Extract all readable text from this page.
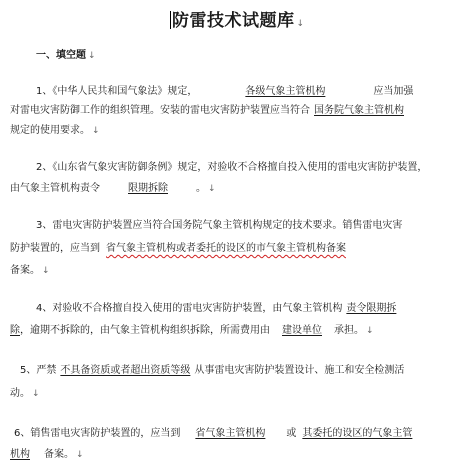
防雷技术试题库 ↓
一、填空题 ↓
1、《中华人民共和国气象法》规定，	各级气象主管机构	应当加强
对雷电灾害防御工作的组织管理。安装的雷电灾害防护装置应当符合 国务院气象主管机构
规定的使用要求。 ↓
2、《山东省气象灾害防御条例》规定，对验收不合格擅自投入使用的雷电灾害防护装置，
由气象主管机构责令	限期拆除	。 ↓
3、雷电灾害防护装置应当符合国务院气象主管机构规定的技术要求。销售雷电灾害
防护装置的，应当到 省气象主管机构或者委托的设区的市气象主管机构备案
备案。 ↓
4、对验收不合格擅自投入使用的雷电灾害防护装置，由气象主管机构 责令限期拆
除，逾期不拆除的，由气象主管机构组织拆除，所需费用由 建设单位 承担。 ↓
5、严禁 不具备资质或者超出资质等级 从事雷电灾害防护装置设计、施工和安全检测活
动。 ↓
6、销售雷电灾害防护装置的，应当到 省气象主管机构 或 其委托的设区的气象主管
机构 备案。 ↓
